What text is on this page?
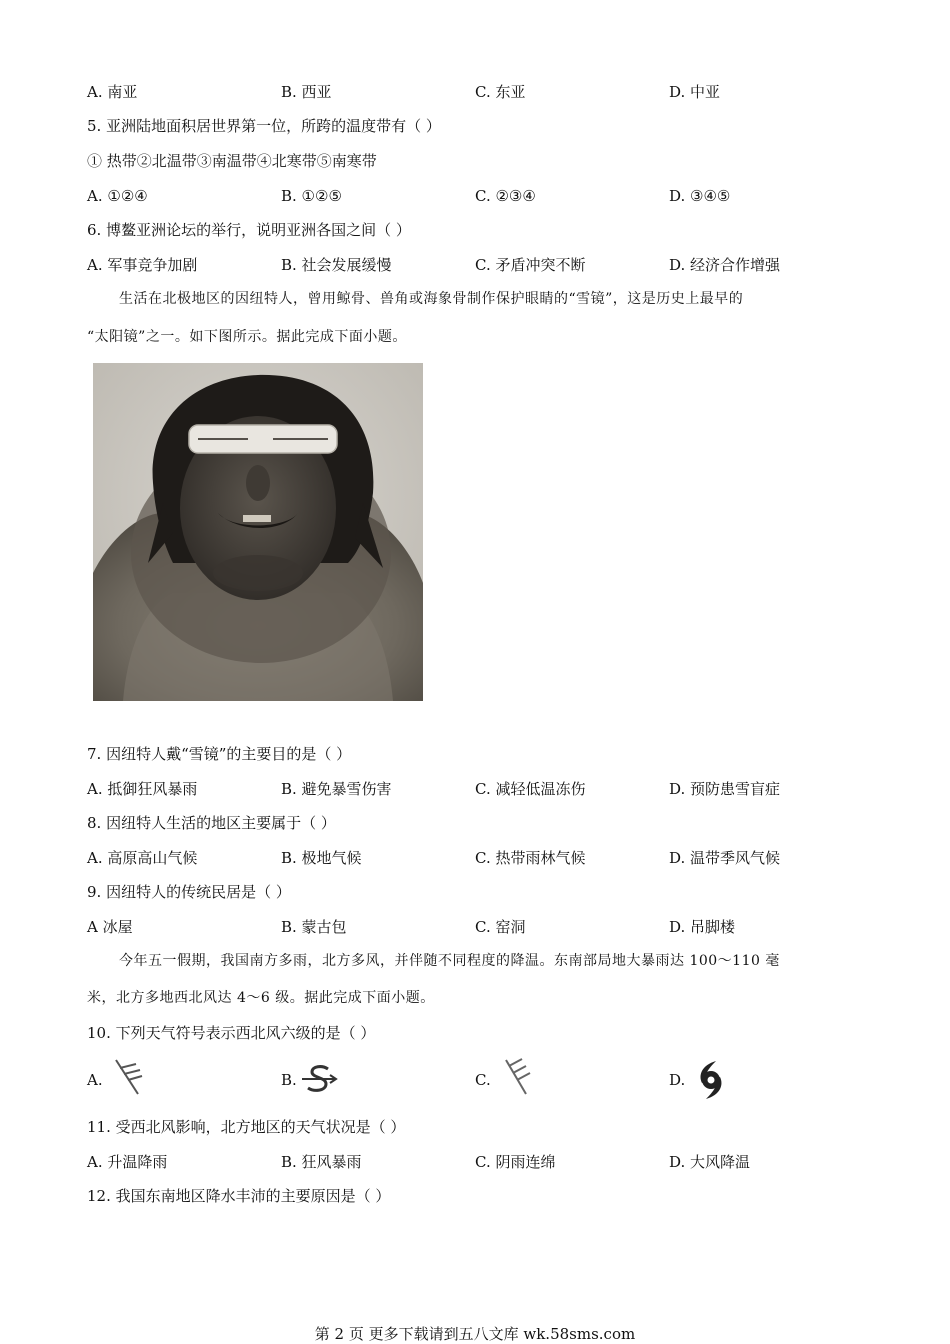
A. 南亚	B. 西亚	C. 东亚	D. 中亚
5. 亚洲陆地面积居世界第一位，所跨的温度带有（ ）
① 热带②北温带③南温带④北寒带⑤南寒带
A. ①②④	B. ①②⑤	C. ②③④	D. ③④⑤
6. 博鳌亚洲论坛的举行，说明亚洲各国之间（ ）
A. 军事竞争加剧	B. 社会发展缓慢	C. 矛盾冲突不断	D. 经济合作增强
生活在北极地区的因纽特人，曾用鲸骨、兽角或海象骨制作保护眼睛的“雪镜”，这是历史上最早的
“太阳镜”之一。如下图所示。据此完成下面小题。
7. 因纽特人戴“雪镜”的主要目的是（ ）
A. 抵御狂风暴雨	B. 避免暴雪伤害	C. 减轻低温冻伤	D. 预防患雪盲症
8. 因纽特人生活的地区主要属于（ ）
A. 高原高山气候	B. 极地气候	C. 热带雨林气候	D. 温带季风气候
9. 因纽特人的传统民居是（ ）
A 冰屋	B. 蒙古包	C. 窑洞	D. 吊脚楼
今年五一假期，我国南方多雨，北方多风，并伴随不同程度的降温。东南部局地大暴雨达 100～110 毫
米，北方多地西北风达 4～6 级。据此完成下面小题。
10. 下列天气符号表示西北风六级的是（ ）
A.	B.	C.	D.
11. 受西北风影响，北方地区的天气状况是（ ）
A. 升温降雨	B. 狂风暴雨	C. 阴雨连绵	D. 大风降温
12. 我国东南地区降水丰沛的主要原因是（ ）
第 2 页 更多下载请到五八文库 wk.58sms.com
